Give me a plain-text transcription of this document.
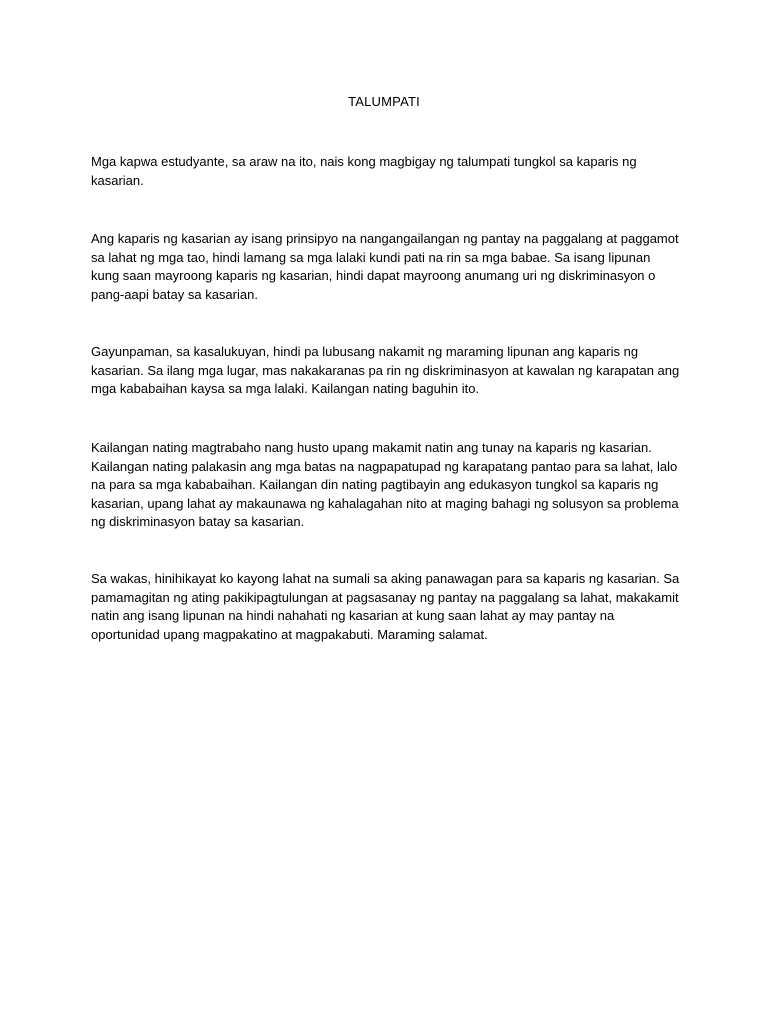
TALUMPATI

Mga kapwa estudyante, sa araw na ito, nais kong magbigay ng talumpati tungkol sa kaparis ng kasarian.

Ang kaparis ng kasarian ay isang prinsipyo na nangangailangan ng pantay na paggalang at paggamot sa lahat ng mga tao, hindi lamang sa mga lalaki kundi pati na rin sa mga babae. Sa isang lipunan kung saan mayroong kaparis ng kasarian, hindi dapat mayroong anumang uri ng diskriminasyon o pang-aapi batay sa kasarian.

Gayunpaman, sa kasalukuyan, hindi pa lubusang nakamit ng maraming lipunan ang kaparis ng kasarian. Sa ilang mga lugar, mas nakakaranas pa rin ng diskriminasyon at kawalan ng karapatan ang mga kababaihan kaysa sa mga lalaki. Kailangan nating baguhin ito.

Kailangan nating magtrabaho nang husto upang makamit natin ang tunay na kaparis ng kasarian. Kailangan nating palakasin ang mga batas na nagpapatupad ng karapatang pantao para sa lahat, lalo na para sa mga kababaihan. Kailangan din nating pagtibayin ang edukasyon tungkol sa kaparis ng kasarian, upang lahat ay makaunawa ng kahalagahan nito at maging bahagi ng solusyon sa problema ng diskriminasyon batay sa kasarian.

Sa wakas, hinihikayat ko kayong lahat na sumali sa aking panawagan para sa kaparis ng kasarian. Sa pamamagitan ng ating pakikipagtulungan at pagsasanay ng pantay na paggalang sa lahat, makakamit natin ang isang lipunan na hindi nahahati ng kasarian at kung saan lahat ay may pantay na oportunidad upang magpakatino at magpakabuti. Maraming salamat.
